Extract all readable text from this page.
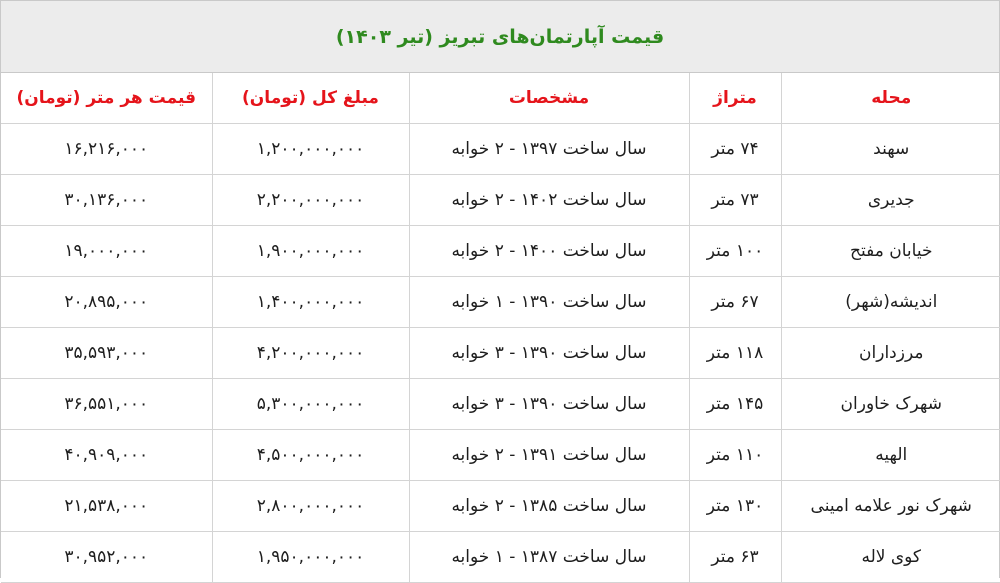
قیمت آپارتمان‌های تبریز (تیر ۱۴۰۳)
محله	متراژ	مشخصات	مبلغ کل (تومان)	قیمت هر متر (تومان)
سهند	۷۴ متر	سال ساخت ۱۳۹۷ - ۲ خوابه	۱,۲۰۰,۰۰۰,۰۰۰	۱۶,۲۱۶,۰۰۰
جدیری	۷۳ متر	سال ساخت ۱۴۰۲ - ۲ خوابه	۲,۲۰۰,۰۰۰,۰۰۰	۳۰,۱۳۶,۰۰۰
خیابان مفتح	۱۰۰ متر	سال ساخت ۱۴۰۰ - ۲ خوابه	۱,۹۰۰,۰۰۰,۰۰۰	۱۹,۰۰۰,۰۰۰
اندیشه(شهر)	۶۷ متر	سال ساخت ۱۳۹۰ - ۱ خوابه	۱,۴۰۰,۰۰۰,۰۰۰	۲۰,۸۹۵,۰۰۰
مرزداران	۱۱۸ متر	سال ساخت ۱۳۹۰ - ۳ خوابه	۴,۲۰۰,۰۰۰,۰۰۰	۳۵,۵۹۳,۰۰۰
شهرک خاوران	۱۴۵ متر	سال ساخت ۱۳۹۰ - ۳ خوابه	۵,۳۰۰,۰۰۰,۰۰۰	۳۶,۵۵۱,۰۰۰
الهیه	۱۱۰ متر	سال ساخت ۱۳۹۱ - ۲ خوابه	۴,۵۰۰,۰۰۰,۰۰۰	۴۰,۹۰۹,۰۰۰
شهرک نور علامه امینی	۱۳۰ متر	سال ساخت ۱۳۸۵ - ۲ خوابه	۲,۸۰۰,۰۰۰,۰۰۰	۲۱,۵۳۸,۰۰۰
کوی لاله	۶۳ متر	سال ساخت ۱۳۸۷ - ۱ خوابه	۱,۹۵۰,۰۰۰,۰۰۰	۳۰,۹۵۲,۰۰۰
